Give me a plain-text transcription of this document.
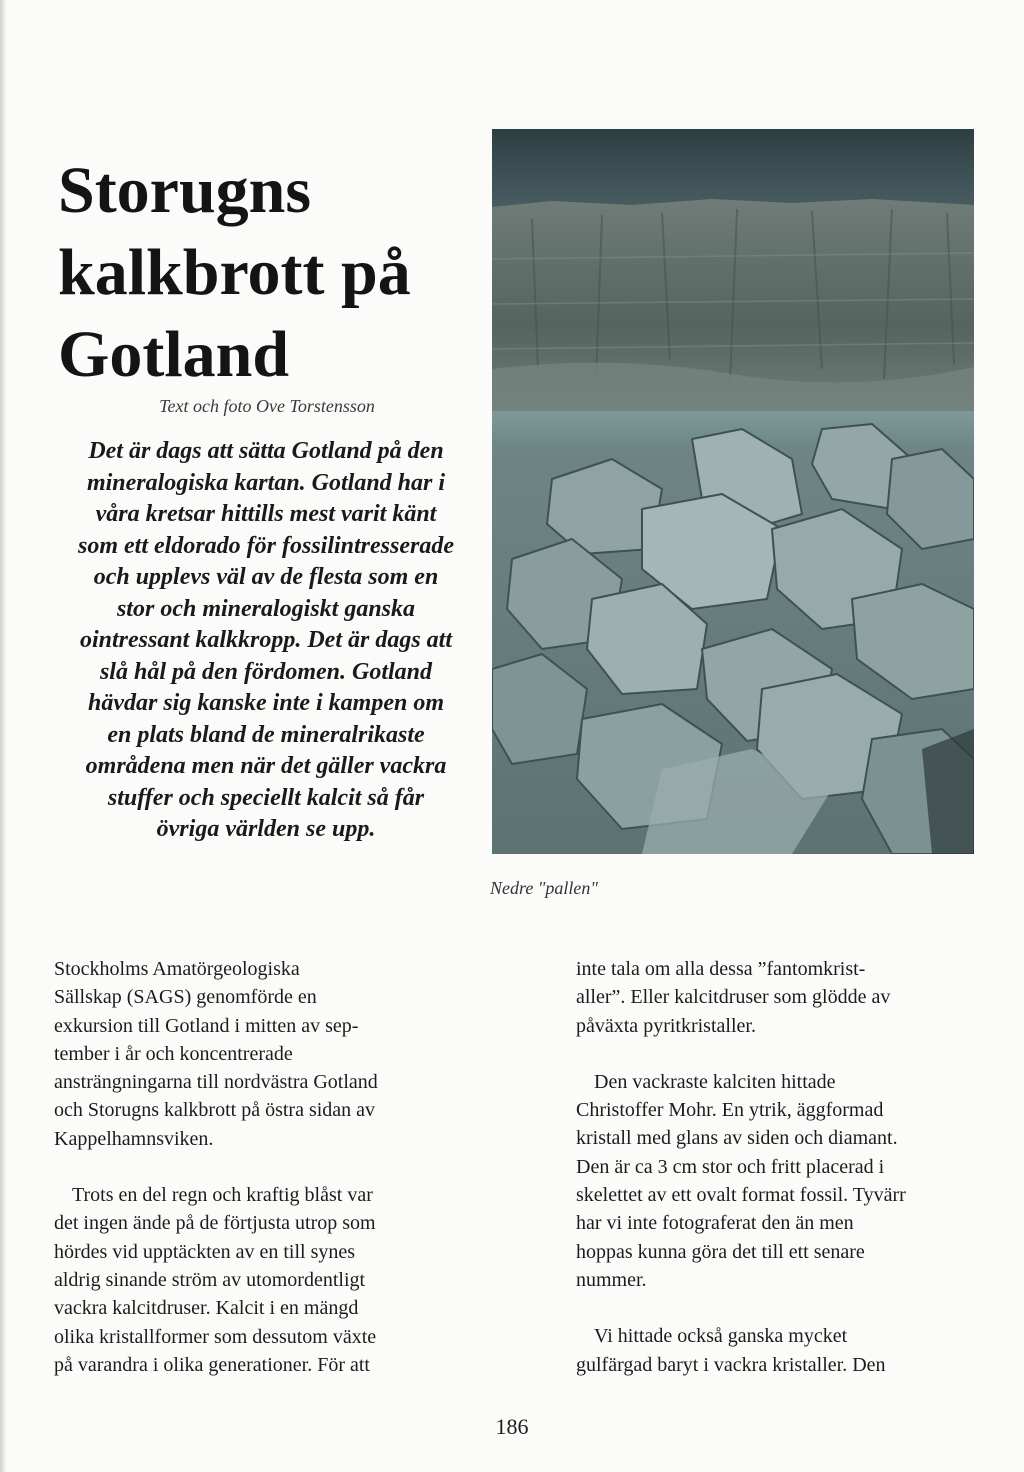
Storugns
kalkbrott på
Gotland
Text och foto Ove Torstensson
Det är dags att sätta Gotland på den
mineralogiska kartan. Gotland har i
våra kretsar hittills mest varit känt
som ett eldorado för fossilintresserade
och upplevs väl av de flesta som en
stor och mineralogiskt ganska
ointressant kalkkropp. Det är dags att
slå hål på den fördomen. Gotland
hävdar sig kanske inte i kampen om
en plats bland de mineralrikaste
områdena men när det gäller vackra
stuffer och speciellt kalcit så får
övriga världen se upp.
Nedre "pallen"

Stockholms Amatörgeologiska
Sällskap (SAGS) genomförde en
exkursion till Gotland i mitten av sep-
tember i år och koncentrerade
ansträngningarna till nordvästra Gotland
och Storugns kalkbrott på östra sidan av
Kappelhamnsviken.

Trots en del regn och kraftig blåst var
det ingen ände på de förtjusta utrop som
hördes vid upptäckten av en till synes
aldrig sinande ström av utomordentligt
vackra kalcitdruser. Kalcit i en mängd
olika kristallformer som dessutom växte
på varandra i olika generationer. För att

inte tala om alla dessa ”fantomkrist-
aller”. Eller kalcitdruser som glödde av
påväxta pyritkristaller.

Den vackraste kalciten hittade
Christoffer Mohr. En ytrik, äggformad
kristall med glans av siden och diamant.
Den är ca 3 cm stor och fritt placerad i
skelettet av ett ovalt format fossil. Tyvärr
har vi inte fotograferat den än men
hoppas kunna göra det till ett senare
nummer.

Vi hittade också ganska mycket
gulfärgad baryt i vackra kristaller. Den

186
